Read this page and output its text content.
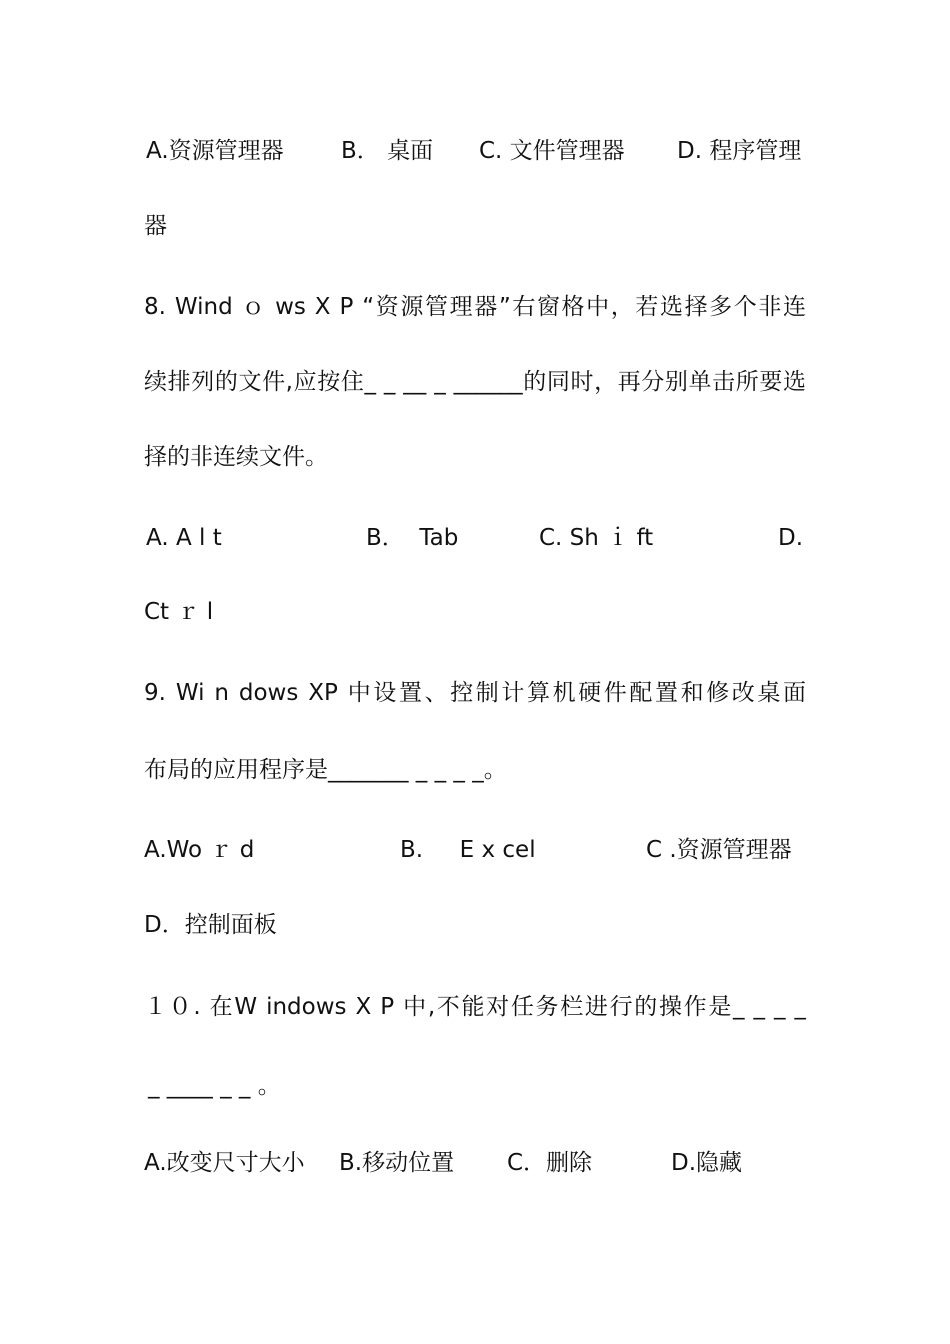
A.资源管理器

B． 桌面

C. 文件管理器

D. 程序管理

器

8. Wind ｏ ws X P “资源管理器”右窗格中，若选择多个非连

续排列的文件,应按住_ _ __ _ ______的同时，再分别单击所要选

择的非连续文件。

A. A l t

	B．  Tab

	C. Sh ｉ ft

	D.

Ct ｒ l

9. Wi n dows XP 中设置、控制计算机硬件配置和修改桌面

布局的应用程序是_______ _ _ _ _。

A.Wo ｒ d

	B.     E x cel

	C .资源管理器

D．控制面板

１０. 在W indows X P 中,不能对任务栏进行的操作是_ _ _ _

_ ____ _ _ 。

A.改变尺寸大小

B.移动位置

C．删除

	D.隐藏
